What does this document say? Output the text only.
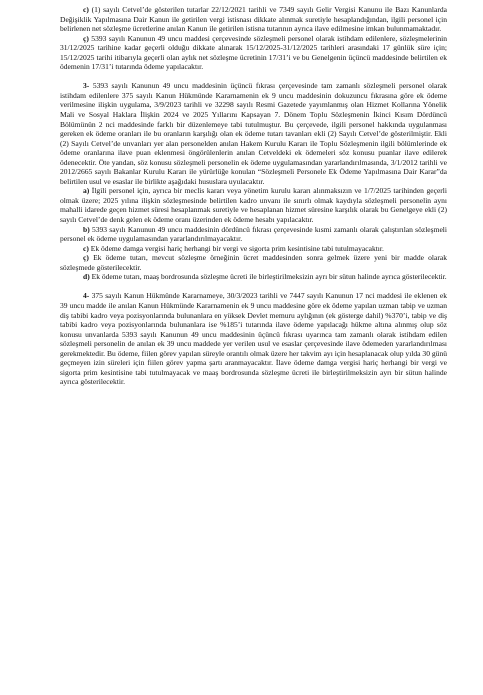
c) (1) sayılı Cetvel’de gösterilen tutarlar 22/12/2021 tarihli ve 7349 sayılı Gelir Vergisi Kanunu ile Bazı Kanunlarda Değişiklik Yapılmasına Dair Kanun ile getirilen vergi istisnası dikkate alınmak suretiyle hesaplandığından, ilgili personel için belirlenen net sözleşme ücretlerine anılan Kanun ile getirilen istisna tutarının ayrıca ilave edilmesine imkan bulunmamaktadır.

ç) 5393 sayılı Kanunun 49 uncu maddesi çerçevesinde sözleşmeli personel olarak istihdam edilenlere, sözleşmelerinin 31/12/2025 tarihine kadar geçerli olduğu dikkate alınarak 15/12/2025-31/12/2025 tarihleri arasındaki 17 günlük süre için; 15/12/2025 tarihi itibarıyla geçerli olan aylık net sözleşme ücretinin 17/31’i ve bu Genelgenin üçüncü maddesinde belirtilen ek ödemenin 17/31’i tutarında ödeme yapılacaktır.

3- 5393 sayılı Kanunun 49 uncu maddesinin üçüncü fıkrası çerçevesinde tam zamanlı sözleşmeli personel olarak istihdam edilenlere 375 sayılı Kanun Hükmünde Kararnamenin ek 9 uncu maddesinin dokuzuncu fıkrasına göre ek ödeme verilmesine ilişkin uygulama, 3/9/2023 tarihli ve 32298 sayılı Resmi Gazetede yayımlanmış olan Hizmet Kollarına Yönelik Mali ve Sosyal Haklara İlişkin 2024 ve 2025 Yıllarını Kapsayan 7. Dönem Toplu Sözleşmenin İkinci Kısım Dördüncü Bölümünün 2 nci maddesinde farklı bir düzenlemeye tabi tutulmuştur. Bu çerçevede, ilgili personel hakkında uygulanması gereken ek ödeme oranları ile bu oranların karşılığı olan ek ödeme tutarı tavanları ekli (2) Sayılı Cetvel’de gösterilmiştir. Ekli (2) Sayılı Cetvel’de unvanları yer alan personelden anılan Hakem Kurulu Kararı ile Toplu Sözleşmenin ilgili bölümlerinde ek ödeme oranlarına ilave puan eklenmesi öngörülenlerin anılan Cetveldeki ek ödemeleri söz konusu puanlar ilave edilerek ödenecektir. Öte yandan, söz konusu sözleşmeli personelin ek ödeme uygulamasından yararlandırılmasında, 3/1/2012 tarihli ve 2012/2665 sayılı Bakanlar Kurulu Kararı ile yürürlüğe konulan “Sözleşmeli Personele Ek Ödeme Yapılmasına Dair Karar”da belirtilen usul ve esaslar ile birlikte aşağıdaki hususlara uyulacaktır.

a) İlgili personel için, ayrıca bir meclis kararı veya yönetim kurulu kararı alınmaksızın ve 1/7/2025 tarihinden geçerli olmak üzere; 2025 yılına ilişkin sözleşmesinde belirtilen kadro unvanı ile sınırlı olmak kaydıyla sözleşmeli personelin aynı mahalli idarede geçen hizmet süresi hesaplanmak suretiyle ve hesaplanan hizmet süresine karşılık olarak bu Genelgeye ekli (2) sayılı Cetvel’de denk gelen ek ödeme oranı üzerinden ek ödeme hesabı yapılacaktır.

b) 5393 sayılı Kanunun 49 uncu maddesinin dördüncü fıkrası çerçevesinde kısmi zamanlı olarak çalıştırılan sözleşmeli personel ek ödeme uygulamasından yararlandırılmayacaktır.

c) Ek ödeme damga vergisi hariç herhangi bir vergi ve sigorta prim kesintisine tabi tutulmayacaktır.

ç) Ek ödeme tutarı, mevcut sözleşme örneğinin ücret maddesinden sonra gelmek üzere yeni bir madde olarak sözleşmede gösterilecektir.

d) Ek ödeme tutarı, maaş bordrosunda sözleşme ücreti ile birleştirilmeksizin ayrı bir sütun halinde ayrıca gösterilecektir.

4- 375 sayılı Kanun Hükmünde Kararnameye, 30/3/2023 tarihli ve 7447 sayılı Kanunun 17 nci maddesi ile eklenen ek 39 uncu madde ile anılan Kanun Hükmünde Kararnamenin ek 9 uncu maddesine göre ek ödeme yapılan uzman tabip ve uzman diş tabibi kadro veya pozisyonlarında bulunanlara en yüksek Devlet memuru aylığının (ek gösterge dahil) %370’i, tabip ve diş tabibi kadro veya pozisyonlarında bulunanlara ise %185’i tutarında ilave ödeme yapılacağı hükme altına alınmış olup söz konusu unvanlarda 5393 sayılı Kanunun 49 uncu maddesinin üçüncü fıkrası uyarınca tam zamanlı olarak istihdam edilen sözleşmeli personelin de anılan ek 39 uncu maddede yer verilen usul ve esaslar çerçevesinde ilave ödemeden yararlandırılması gerekmektedir. Bu ödeme, fiilen görev yapılan süreyle orantılı olmak üzere her takvim ayı için hesaplanacak olup yılda 30 günü geçmeyen izin süreleri için fiilen görev yapma şartı aranmayacaktır. İlave ödeme damga vergisi hariç herhangi bir vergi ve sigorta prim kesintisine tabi tutulmayacak ve maaş bordrosunda sözleşme ücreti ile birleştirilmeksizin ayrı bir sütun halinde ayrıca gösterilecektir.
